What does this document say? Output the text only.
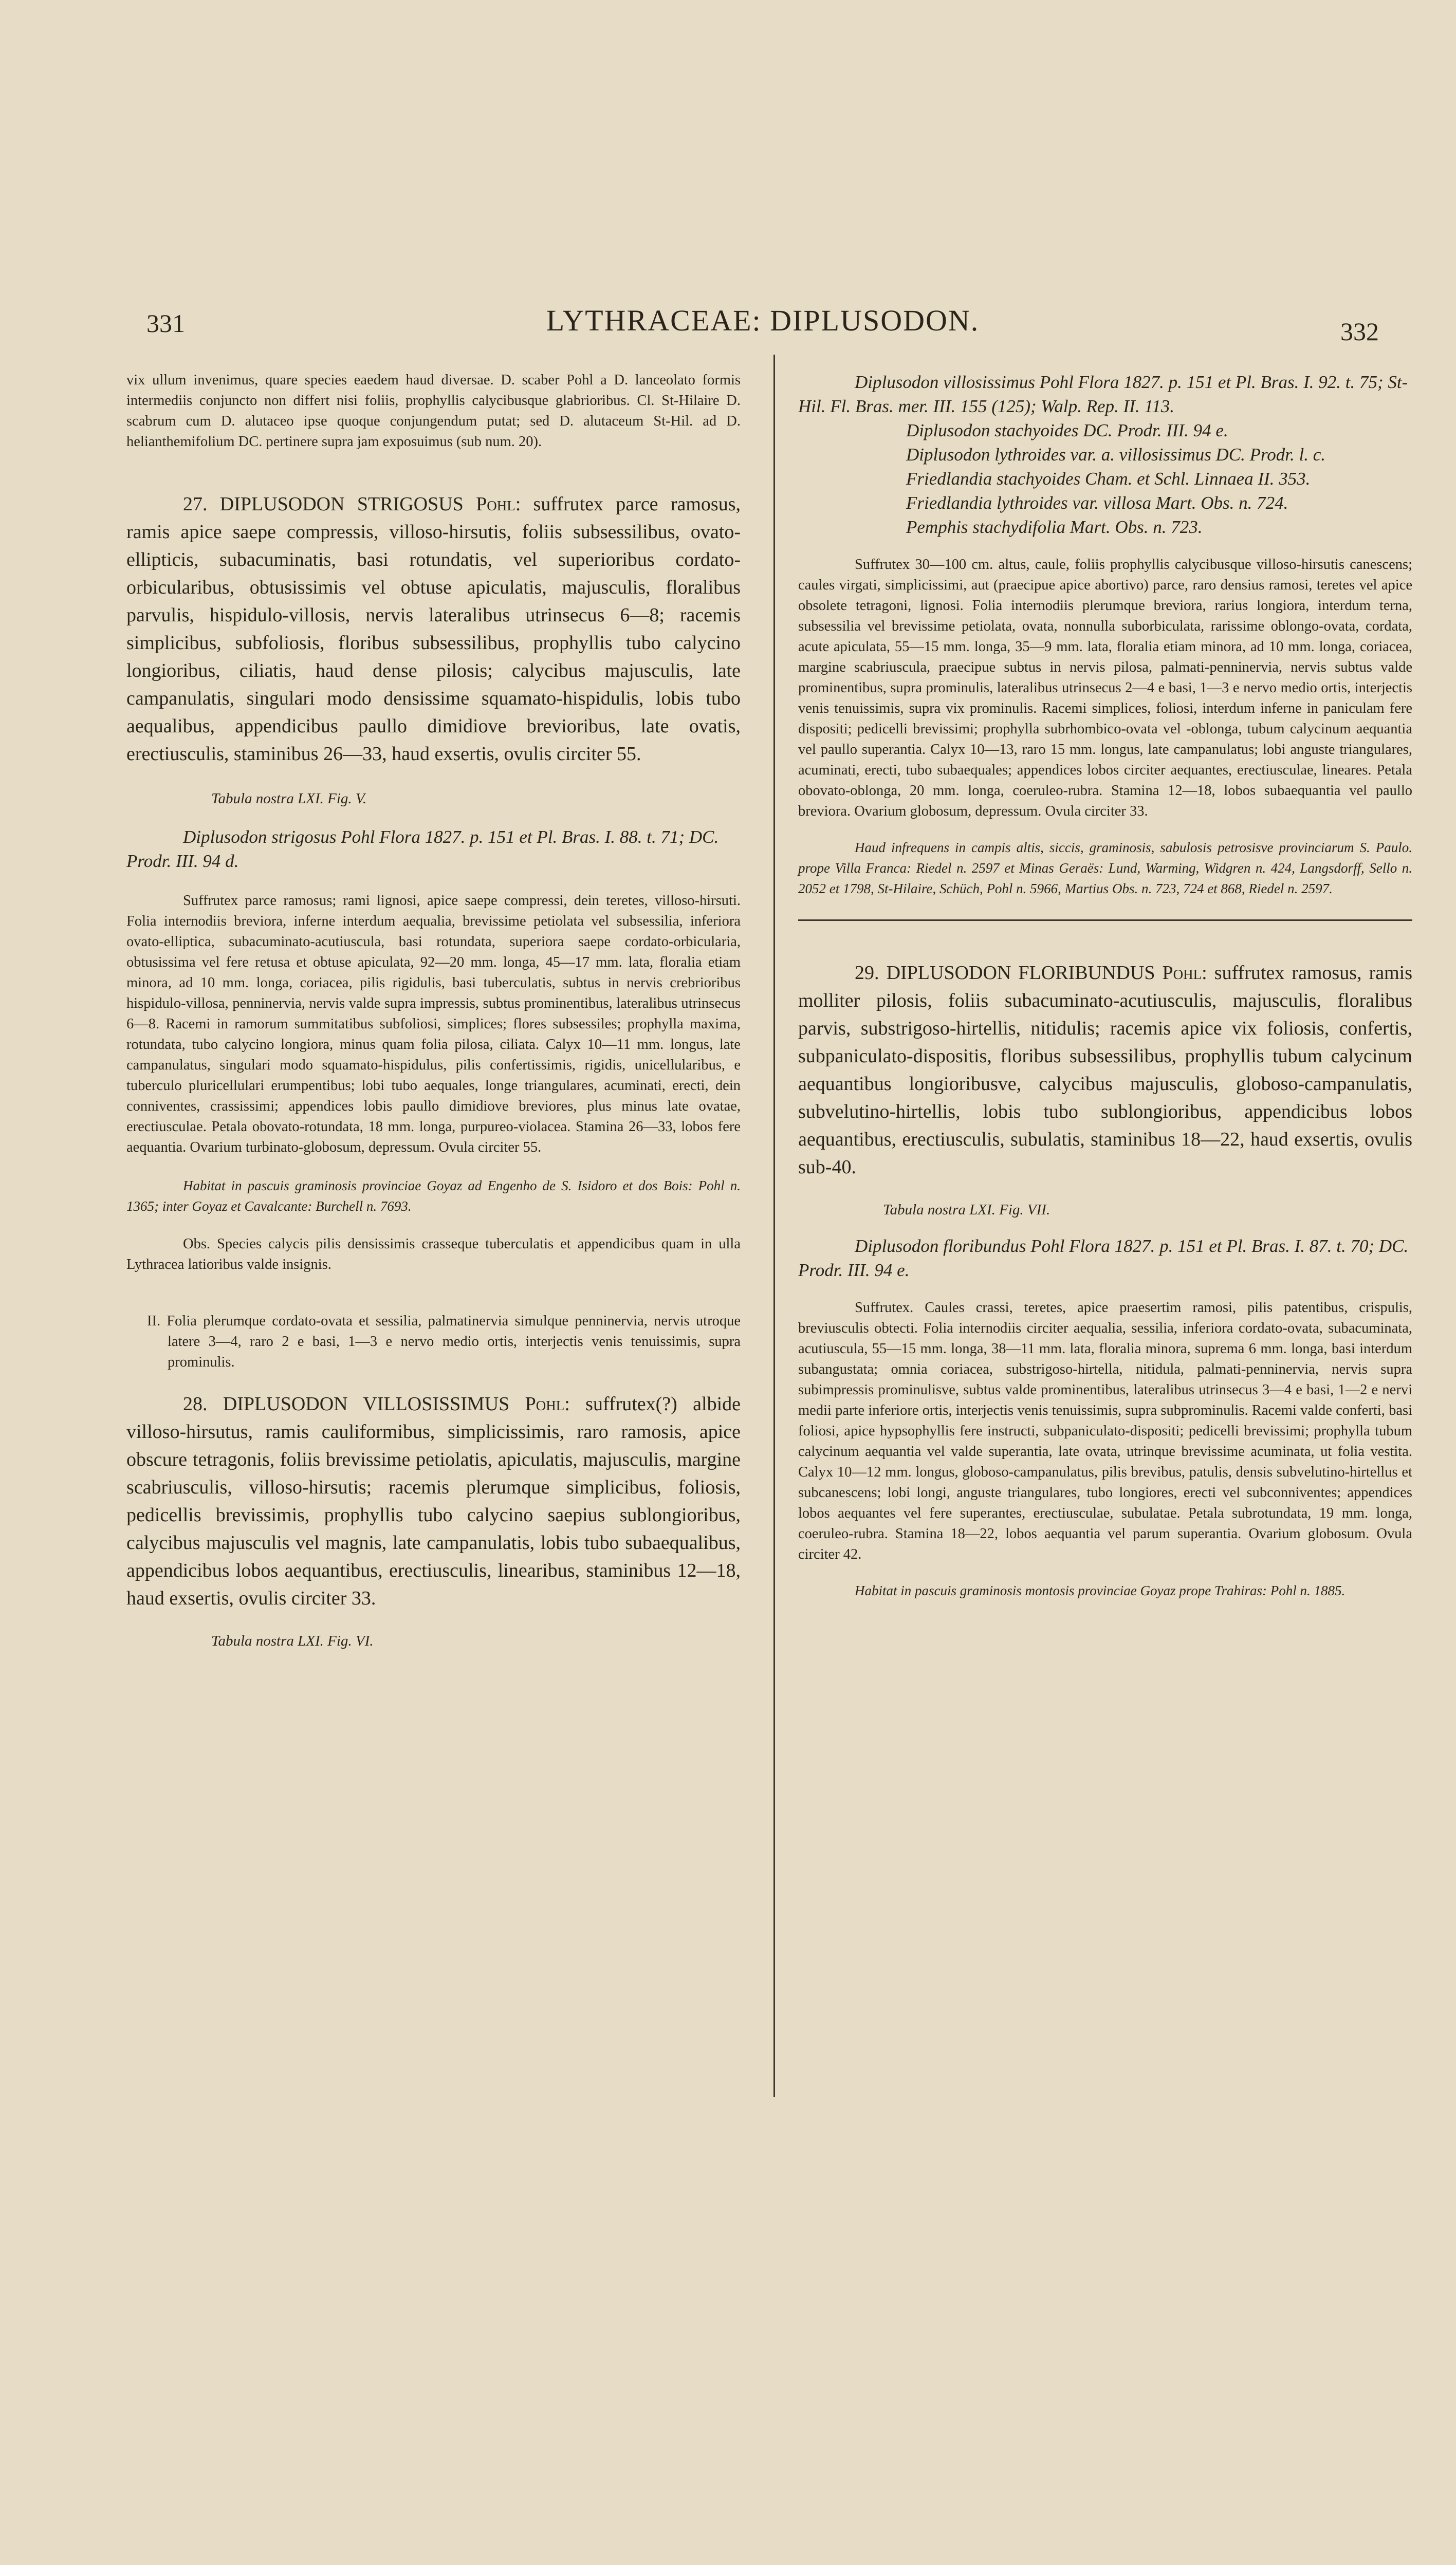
331	LYTHRACEAE: DIPLUSODON.	332

vix ullum invenimus, quare species eaedem haud diversae. D. scaber Pohl a D. lanceolato formis intermediis conjuncto non differt nisi foliis, prophyllis calycibusque glabrioribus. Cl. St-Hilaire D. scabrum cum D. alutaceo ipse quoque conjungendum putat; sed D. alutaceum St-Hil. ad D. helianthemifolium DC. pertinere supra jam exposuimus (sub num. 20).

27. DIPLUSODON STRIGOSUS Pohl: suffrutex parce ramosus, ramis apice saepe compressis, villoso-hirsutis, foliis subsessilibus, ovato-ellipticis, subacuminatis, basi rotundatis, vel superioribus cordato-orbicularibus, obtusissimis vel obtuse apiculatis, majusculis, floralibus parvulis, hispidulo-villosis, nervis lateralibus utrinsecus 6—8; racemis simplicibus, subfoliosis, floribus subsessilibus, prophyllis tubo calycino longioribus, ciliatis, haud dense pilosis; calycibus majusculis, late campanulatis, singulari modo densissime squamato-hispidulis, lobis tubo aequalibus, appendicibus paullo dimidiove brevioribus, late ovatis, erectiusculis, staminibus 26—33, haud exsertis, ovulis circiter 55.

Tabula nostra LXI. Fig. V.

Diplusodon strigosus Pohl Flora 1827. p. 151 et Pl. Bras. I. 88. t. 71; DC. Prodr. III. 94 d.

Suffrutex parce ramosus; rami lignosi, apice saepe compressi, dein teretes, villoso-hirsuti. Folia internodiis breviora, inferne interdum aequalia, brevissime petiolata vel subsessilia, inferiora ovato-elliptica, subacuminato-acutiuscula, basi rotundata, superiora saepe cordato-orbicularia, obtusissima vel fere retusa et obtuse apiculata, 92—20 mm. longa, 45—17 mm. lata, floralia etiam minora, ad 10 mm. longa, coriacea, pilis rigidulis, basi tuberculatis, subtus in nervis crebrioribus hispidulo-villosa, penninervia, nervis valde supra impressis, subtus prominentibus, lateralibus utrinsecus 6—8. Racemi in ramorum summitatibus subfoliosi, simplices; flores subsessiles; prophylla maxima, rotundata, tubo calycino longiora, minus quam folia pilosa, ciliata. Calyx 10—11 mm. longus, late campanulatus, singulari modo squamato-hispidulus, pilis confertissimis, rigidis, unicellularibus, e tuberculo pluricellulari erumpentibus; lobi tubo aequales, longe triangulares, acuminati, erecti, dein conniventes, crassissimi; appendices lobis paullo dimidiove breviores, plus minus late ovatae, erectiusculae. Petala obovato-rotundata, 18 mm. longa, purpureo-violacea. Stamina 26—33, lobos fere aequantia. Ovarium turbinato-globosum, depressum. Ovula circiter 55.

Habitat in pascuis graminosis provinciae Goyaz ad Engenho de S. Isidoro et dos Bois: Pohl n. 1365; inter Goyaz et Cavalcante: Burchell n. 7693.

Obs. Species calycis pilis densissimis crasseque tuberculatis et appendicibus quam in ulla Lythracea latioribus valde insignis.

II. Folia plerumque cordato-ovata et sessilia, palmatinervia simulque penninervia, nervis utroque latere 3—4, raro 2 e basi, 1—3 e nervo medio ortis, interjectis venis tenuissimis, supra prominulis.

28. DIPLUSODON VILLOSISSIMUS Pohl: suffrutex(?) albide villoso-hirsutus, ramis cauliformibus, simplicissimis, raro ramosis, apice obscure tetragonis, foliis brevissime petiolatis, apiculatis, majusculis, margine scabriusculis, villoso-hirsutis; racemis plerumque simplicibus, foliosis, pedicellis brevissimis, prophyllis tubo calycino saepius sublongioribus, calycibus majusculis vel magnis, late campanulatis, lobis tubo subaequalibus, appendicibus lobos aequantibus, erectiusculis, linearibus, staminibus 12—18, haud exsertis, ovulis circiter 33.

Tabula nostra LXI. Fig. VI.

Diplusodon villosissimus Pohl Flora 1827. p. 151 et Pl. Bras. I. 92. t. 75; St-Hil. Fl. Bras. mer. III. 155 (125); Walp. Rep. II. 113.
Diplusodon stachyoides DC. Prodr. III. 94 e.
Diplusodon lythroides var. a. villosissimus DC. Prodr. l. c.
Friedlandia stachyoides Cham. et Schl. Linnaea II. 353.
Friedlandia lythroides var. villosa Mart. Obs. n. 724.
Pemphis stachydifolia Mart. Obs. n. 723.

Suffrutex 30—100 cm. altus, caule, foliis prophyllis calycibusque villoso-hirsutis canescens; caules virgati, simplicissimi, aut (praecipue apice abortivo) parce, raro densius ramosi, teretes vel apice obsolete tetragoni, lignosi. Folia internodiis plerumque breviora, rarius longiora, interdum terna, subsessilia vel brevissime petiolata, ovata, nonnulla suborbiculata, rarissime oblongo-ovata, cordata, acute apiculata, 55—15 mm. longa, 35—9 mm. lata, floralia etiam minora, ad 10 mm. longa, coriacea, margine scabriuscula, praecipue subtus in nervis pilosa, palmati-penninervia, nervis subtus valde prominentibus, supra prominulis, lateralibus utrinsecus 2—4 e basi, 1—3 e nervo medio ortis, interjectis venis tenuissimis, supra vix prominulis. Racemi simplices, foliosi, interdum inferne in paniculam fere dispositi; pedicelli brevissimi; prophylla subrhombico-ovata vel -oblonga, tubum calycinum aequantia vel paullo superantia. Calyx 10—13, raro 15 mm. longus, late campanulatus; lobi anguste triangulares, acuminati, erecti, tubo subaequales; appendices lobos circiter aequantes, erectiusculae, lineares. Petala obovato-oblonga, 20 mm. longa, coeruleo-rubra. Stamina 12—18, lobos subaequantia vel paullo breviora. Ovarium globosum, depressum. Ovula circiter 33.

Haud infrequens in campis altis, siccis, graminosis, sabulosis petrosisve provinciarum S. Paulo. prope Villa Franca: Riedel n. 2597 et Minas Geraës: Lund, Warming, Widgren n. 424, Langsdorff, Sello n. 2052 et 1798, St-Hilaire, Schüch, Pohl n. 5966, Martius Obs. n. 723, 724 et 868, Riedel n. 2597.

29. DIPLUSODON FLORIBUNDUS Pohl: suffrutex ramosus, ramis molliter pilosis, foliis subacuminato-acutiusculis, majusculis, floralibus parvis, substrigoso-hirtellis, nitidulis; racemis apice vix foliosis, confertis, subpaniculato-dispositis, floribus subsessilibus, prophyllis tubum calycinum aequantibus longioribusve, calycibus majusculis, globoso-campanulatis, subvelutino-hirtellis, lobis tubo sublongioribus, appendicibus lobos aequantibus, erectiusculis, subulatis, staminibus 18—22, haud exsertis, ovulis sub-40.

Tabula nostra LXI. Fig. VII.

Diplusodon floribundus Pohl Flora 1827. p. 151 et Pl. Bras. I. 87. t. 70; DC. Prodr. III. 94 e.

Suffrutex. Caules crassi, teretes, apice praesertim ramosi, pilis patentibus, crispulis, breviusculis obtecti. Folia internodiis circiter aequalia, sessilia, inferiora cordato-ovata, subacuminata, acutiuscula, 55—15 mm. longa, 38—11 mm. lata, floralia minora, suprema 6 mm. longa, basi interdum subangustata; omnia coriacea, substrigoso-hirtella, nitidula, palmati-penninervia, nervis supra subimpressis prominulisve, subtus valde prominentibus, lateralibus utrinsecus 3—4 e basi, 1—2 e nervi medii parte inferiore ortis, interjectis venis tenuissimis, supra subprominulis. Racemi valde conferti, basi foliosi, apice hypsophyllis fere instructi, subpaniculato-dispositi; pedicelli brevissimi; prophylla tubum calycinum aequantia vel valde superantia, late ovata, utrinque brevissime acuminata, ut folia vestita. Calyx 10—12 mm. longus, globoso-campanulatus, pilis brevibus, patulis, densis subvelutino-hirtellus et subcanescens; lobi longi, anguste triangulares, tubo longiores, erecti vel subconniventes; appendices lobos aequantes vel fere superantes, erectiusculae, subulatae. Petala subrotundata, 19 mm. longa, coeruleo-rubra. Stamina 18—22, lobos aequantia vel parum superantia. Ovarium globosum. Ovula circiter 42.

Habitat in pascuis graminosis montosis provinciae Goyaz prope Trahiras: Pohl n. 1885.
